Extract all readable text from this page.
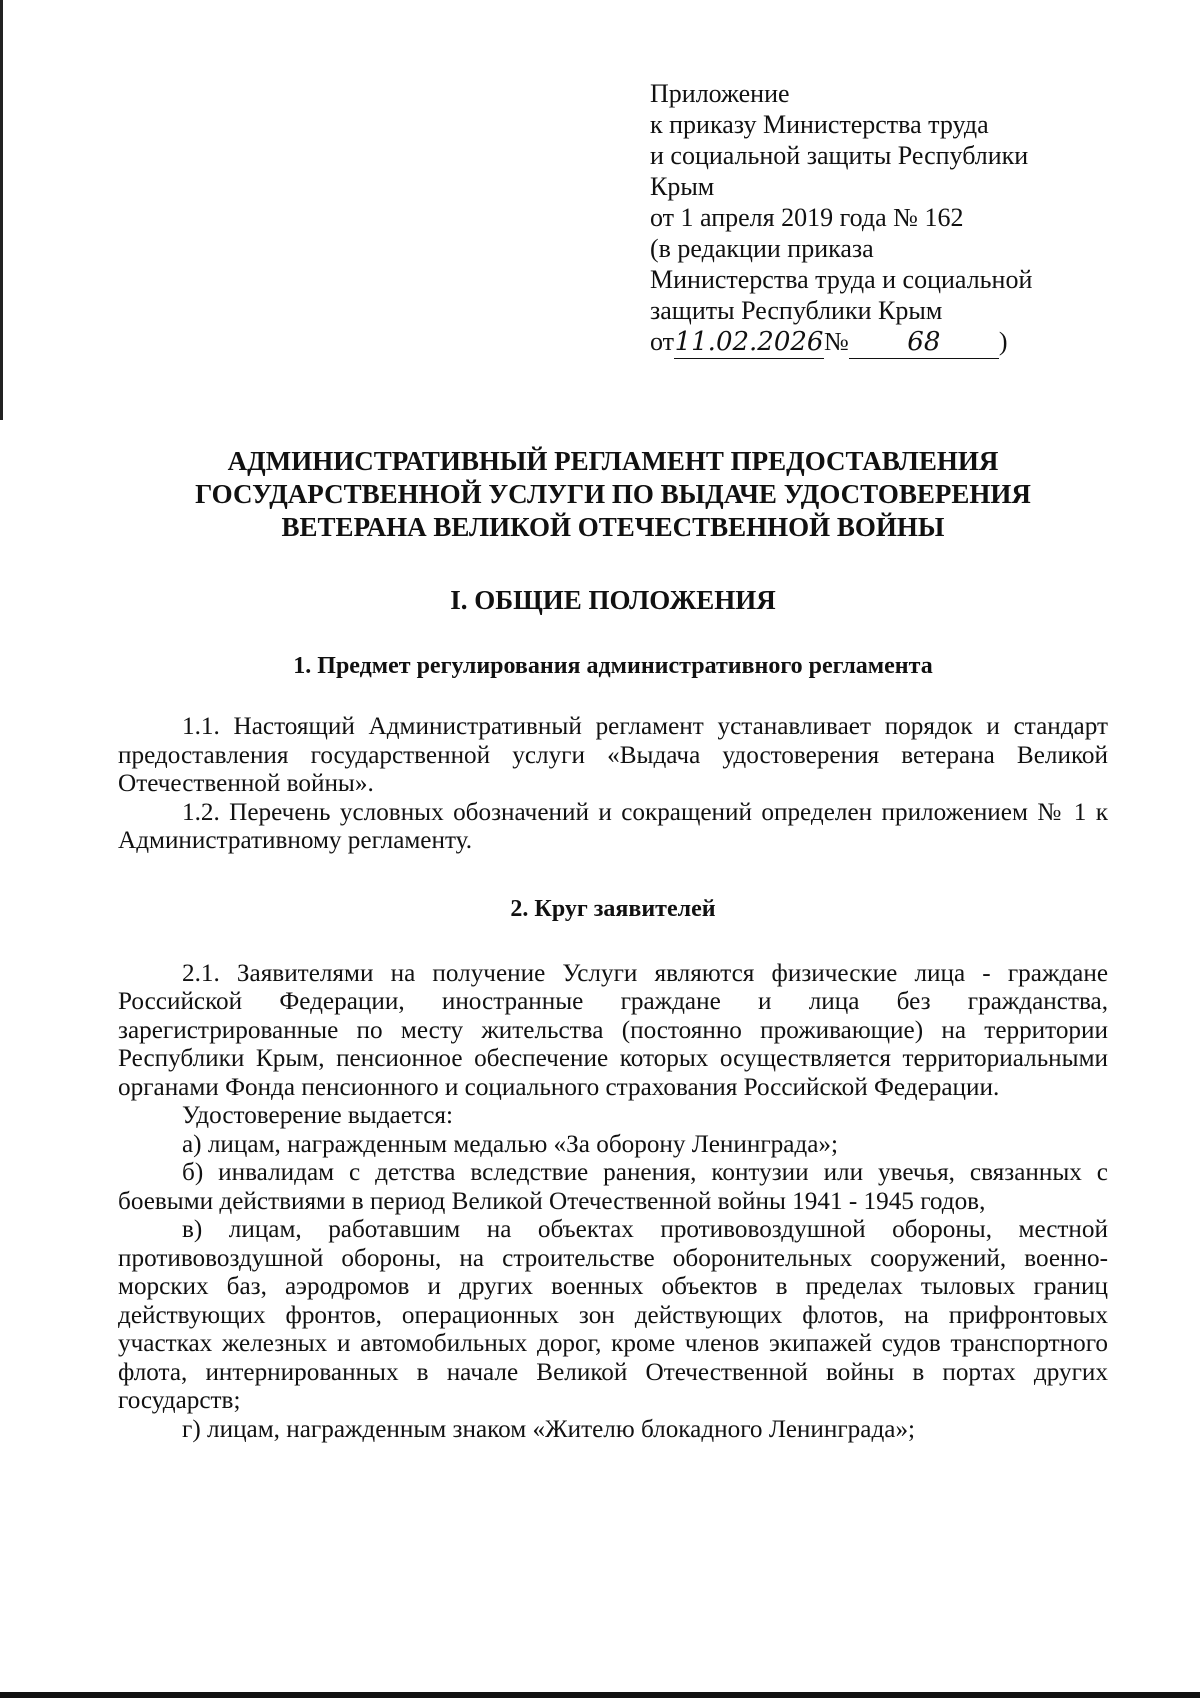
Приложение
к приказу Министерства труда
и социальной защиты Республики
Крым
от 1 апреля 2019 года № 162
(в редакции приказа
Министерства труда и социальной
защиты Республики Крым
от11.02.2026№ 68 )
АДМИНИСТРАТИВНЫЙ РЕГЛАМЕНТ ПРЕДОСТАВЛЕНИЯ
ГОСУДАРСТВЕННОЙ УСЛУГИ ПО ВЫДАЧЕ УДОСТОВЕРЕНИЯ
ВЕТЕРАНА ВЕЛИКОЙ ОТЕЧЕСТВЕННОЙ ВОЙНЫ
I. ОБЩИЕ ПОЛОЖЕНИЯ
1. Предмет регулирования административного регламента

1.1. Настоящий Административный регламент устанавливает порядок и стандарт предоставления государственной услуги «Выдача удостоверения ветерана Великой Отечественной войны».

1.2. Перечень условных обозначений и сокращений определен приложением № 1 к Административному регламенту.

2. Круг заявителей

2.1. Заявителями на получение Услуги являются физические лица - граждане Российской Федерации, иностранные граждане и лица без гражданства, зарегистрированные по месту жительства (постоянно проживающие) на территории Республики Крым, пенсионное обеспечение которых осуществляется территориальными органами Фонда пенсионного и социального страхования Российской Федерации.

Удостоверение выдается:

а) лицам, награжденным медалью «За оборону Ленинграда»;

б) инвалидам с детства вследствие ранения, контузии или увечья, связанных с боевыми действиями в период Великой Отечественной войны 1941 - 1945 годов,

в) лицам, работавшим на объектах противовоздушной обороны, местной противовоздушной обороны, на строительстве оборонительных сооружений, военно-морских баз, аэродромов и других военных объектов в пределах тыловых границ действующих фронтов, операционных зон действующих флотов, на прифронтовых участках железных и автомобильных дорог, кроме членов экипажей судов транспортного флота, интернированных в начале Великой Отечественной войны в портах других государств;

г) лицам, награжденным знаком «Жителю блокадного Ленинграда»;
